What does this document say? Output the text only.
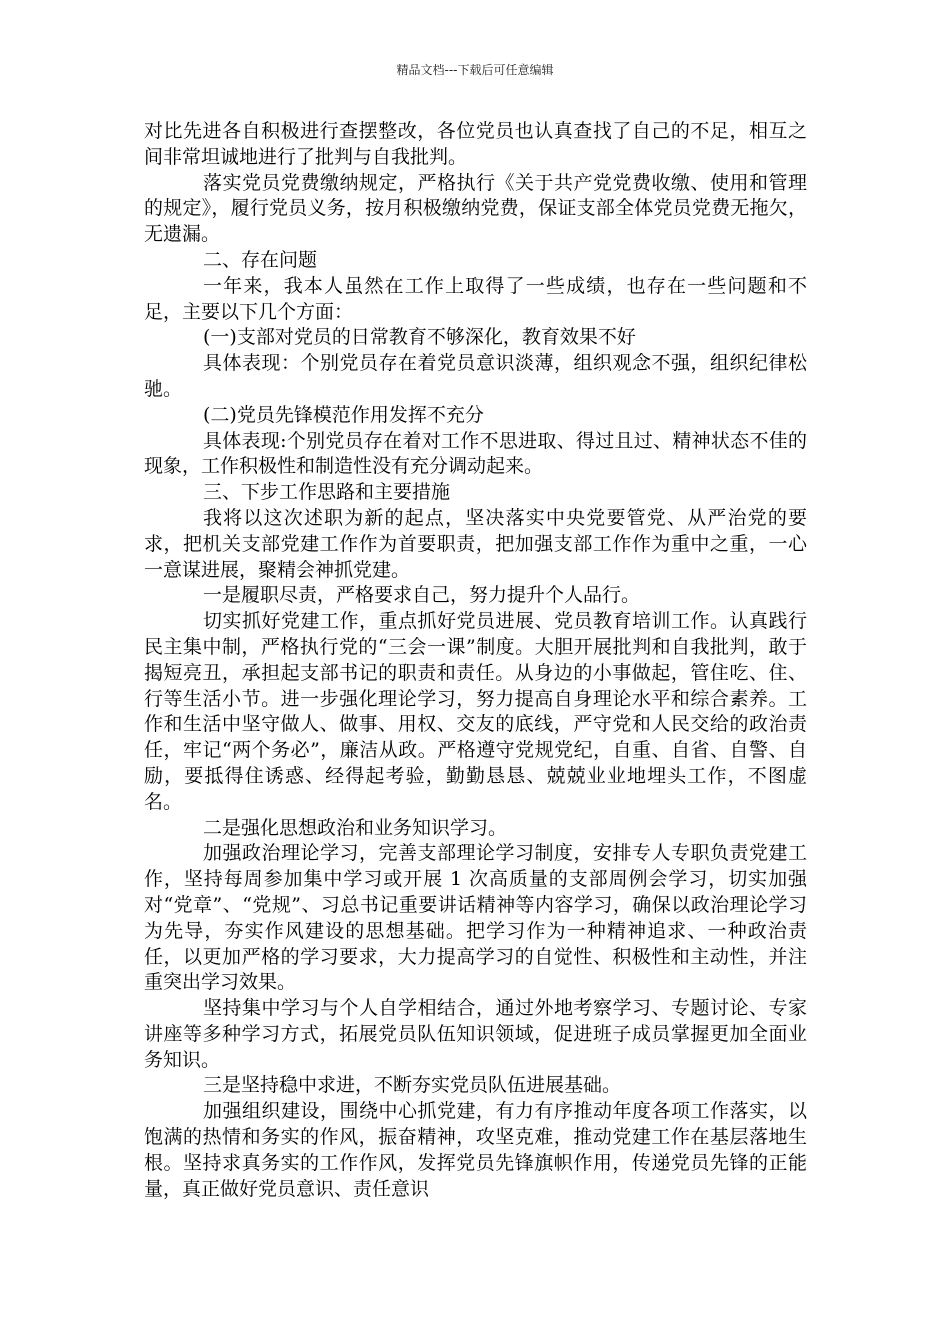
精品文档---下载后可任意编辑

对比先进各自积极进行查摆整改，各位党员也认真查找了自己的不足，相互之间非常坦诚地进行了批判与自我批判。

落实党员党费缴纳规定，严格执行《关于共产党党费收缴、使用和管理的规定》，履行党员义务，按月积极缴纳党费，保证支部全体党员党费无拖欠，无遗漏。

二、存在问题

一年来，我本人虽然在工作上取得了一些成绩，也存在一些问题和不足，主要以下几个方面：

(一)支部对党员的日常教育不够深化，教育效果不好

具体表现：个别党员存在着党员意识淡薄，组织观念不强，组织纪律松驰。

(二)党员先锋模范作用发挥不充分

具体表现:个别党员存在着对工作不思进取、得过且过、精神状态不佳的现象，工作积极性和制造性没有充分调动起来。

三、下步工作思路和主要措施

我将以这次述职为新的起点，坚决落实中央党要管党、从严治党的要求，把机关支部党建工作作为首要职责，把加强支部工作作为重中之重，一心一意谋进展，聚精会神抓党建。

一是履职尽责，严格要求自己，努力提升个人品行。

切实抓好党建工作，重点抓好党员进展、党员教育培训工作。认真践行民主集中制，严格执行党的“三会一课”制度。大胆开展批判和自我批判，敢于揭短亮丑，承担起支部书记的职责和责任。从身边的小事做起，管住吃、住、行等生活小节。进一步强化理论学习，努力提高自身理论水平和综合素养。工作和生活中坚守做人、做事、用权、交友的底线，严守党和人民交给的政治责任，牢记“两个务必”，廉洁从政。严格遵守党规党纪，自重、自省、自警、自励，要抵得住诱惑、经得起考验，勤勤恳恳、兢兢业业地埋头工作，不图虚名。

二是强化思想政治和业务知识学习。

加强政治理论学习，完善支部理论学习制度，安排专人专职负责党建工作，坚持每周参加集中学习或开展 1 次高质量的支部周例会学习，切实加强对“党章”、“党规”、习总书记重要讲话精神等内容学习，确保以政治理论学习为先导，夯实作风建设的思想基础。把学习作为一种精神追求、一种政治责任，以更加严格的学习要求，大力提高学习的自觉性、积极性和主动性，并注重突出学习效果。

坚持集中学习与个人自学相结合，通过外地考察学习、专题讨论、专家讲座等多种学习方式，拓展党员队伍知识领域，促进班子成员掌握更加全面业务知识。

三是坚持稳中求进，不断夯实党员队伍进展基础。

加强组织建设，围绕中心抓党建，有力有序推动年度各项工作落实，以饱满的热情和务实的作风，振奋精神，攻坚克难，推动党建工作在基层落地生根。坚持求真务实的工作作风，发挥党员先锋旗帜作用，传递党员先锋的正能量，真正做好党员意识、责任意识
